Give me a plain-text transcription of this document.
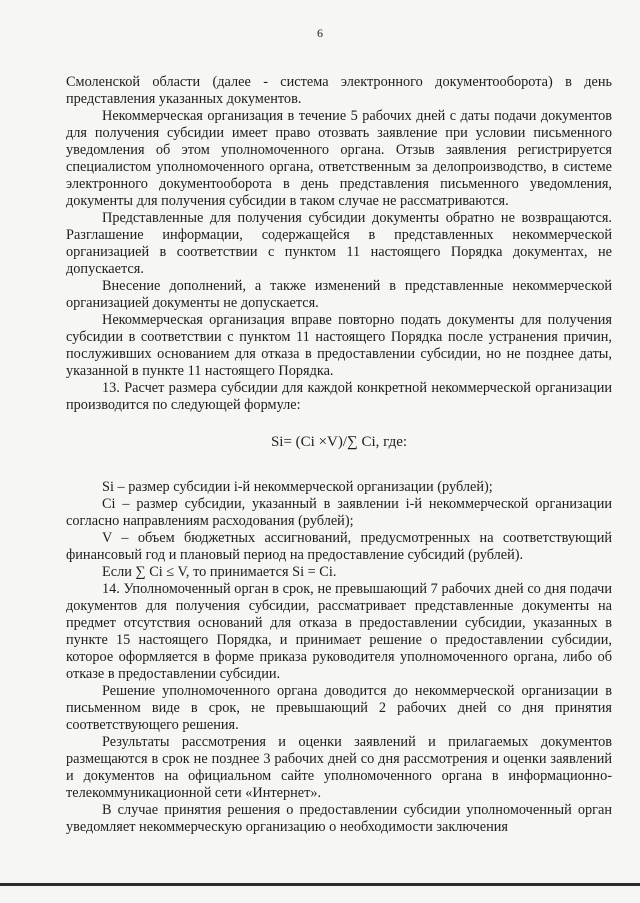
6

Смоленской области (далее - система электронного документооборота) в день представления указанных документов.

Некоммерческая организация в течение 5 рабочих дней с даты подачи документов для получения субсидии имеет право отозвать заявление при условии письменного уведомления об этом уполномоченного органа. Отзыв заявления регистрируется специалистом уполномоченного органа, ответственным за делопроизводство, в системе электронного документооборота в день представления письменного уведомления, документы для получения субсидии в таком случае не рассматриваются.

Представленные для получения субсидии документы обратно не возвращаются. Разглашение информации, содержащейся в представленных некоммерческой организацией в соответствии с пунктом 11 настоящего Порядка документах, не допускается.

Внесение дополнений, а также изменений в представленные некоммерческой организацией документы не допускается.

Некоммерческая организация вправе повторно подать документы для получения субсидии в соответствии с пунктом 11 настоящего Порядка после устранения причин, послуживших основанием для отказа в предоставлении субсидии, но не позднее даты, указанной в пункте 11 настоящего Порядка.

13. Расчет размера субсидии для каждой конкретной некоммерческой организации производится по следующей формуле:

Si= (Ci ×V)/∑ Ci, где:

Si – размер субсидии i-й некоммерческой организации (рублей);

Ci – размер субсидии, указанный в заявлении i-й некоммерческой организации согласно направлениям расходования (рублей);

V – объем бюджетных ассигнований, предусмотренных на соответствующий финансовый год и плановый период на предоставление субсидий (рублей).

Если ∑ Ci ≤ V, то принимается Si = Ci.

14. Уполномоченный орган в срок, не превышающий 7 рабочих дней со дня подачи документов для получения субсидии, рассматривает представленные документы на предмет отсутствия оснований для отказа в предоставлении субсидии, указанных в пункте 15 настоящего Порядка, и принимает решение о предоставлении субсидии, которое оформляется в форме приказа руководителя уполномоченного органа, либо об отказе в предоставлении субсидии.

Решение уполномоченного органа доводится до некоммерческой организации в письменном виде в срок, не превышающий 2 рабочих дней со дня принятия соответствующего решения.

Результаты рассмотрения и оценки заявлений и прилагаемых документов размещаются в срок не позднее 3 рабочих дней со дня рассмотрения и оценки заявлений и документов на официальном сайте уполномоченного органа в информационно-телекоммуникационной сети «Интернет».

В случае принятия решения о предоставлении субсидии уполномоченный орган уведомляет некоммерческую организацию о необходимости заключения
